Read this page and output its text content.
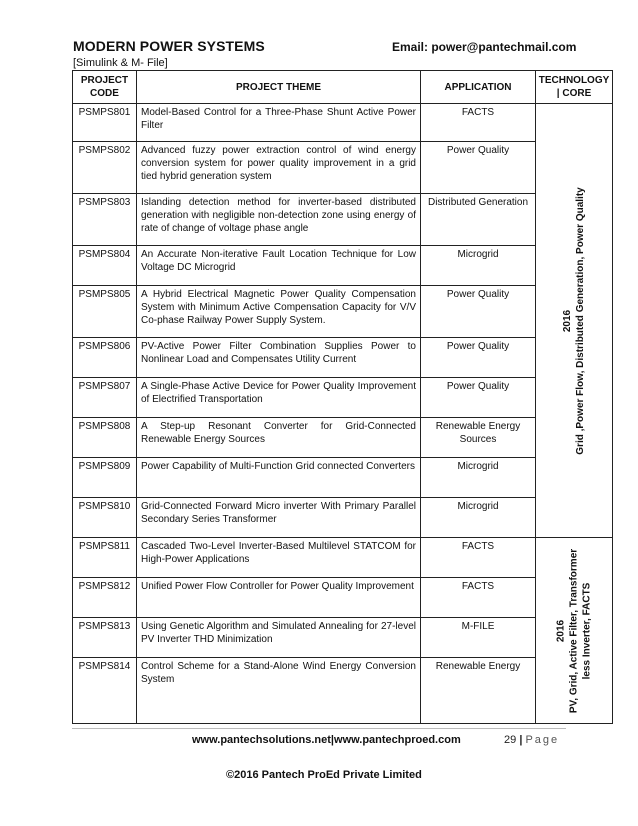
MODERN POWER SYSTEMS	Email: power@pantechmail.com
[Simulink & M- File]
PROJECT CODE	PROJECT THEME	APPLICATION	TECHNOLOGY | CORE
PSMPS801	Model-Based Control for a Three-Phase Shunt Active Power Filter	FACTS	2016 Grid ,Power Flow, Distributed Generation, Power Quality

PSMPS802	Advanced fuzzy power extraction control of wind energy conversion system for power quality improvement in a grid tied hybrid generation system	Power Quality	
PSMPS803	Islanding detection method for inverter-based distributed generation with negligible non-detection zone using energy of rate of change of voltage phase angle	Distributed Generation	
PSMPS804	An Accurate Non-iterative Fault Location Technique for Low Voltage DC Microgrid	Microgrid	
PSMPS805	A Hybrid Electrical Magnetic Power Quality Compensation System with Minimum Active Compensation Capacity for V/V Co-phase Railway Power Supply System.	Power Quality	
PSMPS806	PV-Active Power Filter Combination Supplies Power to Nonlinear Load and Compensates Utility Current	Power Quality	
PSMPS807	A Single-Phase Active Device for Power Quality Improvement of Electrified Transportation	Power Quality	
PSMPS808	A Step-up Resonant Converter for Grid-Connected Renewable Energy Sources	Renewable Energy Sources	
PSMPS809	Power Capability of Multi-Function Grid connected Converters	Microgrid	
PSMPS810	Grid-Connected Forward Micro inverter With Primary Parallel Secondary Series Transformer	Microgrid	
PSMPS811	Cascaded Two-Level Inverter-Based Multilevel STATCOM for High-Power Applications	FACTS	2016 PV, Grid, Active Filter, Transformer less Inverter, FACTS

PSMPS812	Unified Power Flow Controller for Power Quality Improvement	FACTS	
PSMPS813	Using Genetic Algorithm and Simulated Annealing for 27-level PV Inverter THD Minimization	M-FILE	
PSMPS814	Control Scheme for a Stand-Alone Wind Energy Conversion System	Renewable Energy	
www.pantechsolutions.net|www.pantechproed.com	29 | Page
©2016 Pantech ProEd Private Limited
